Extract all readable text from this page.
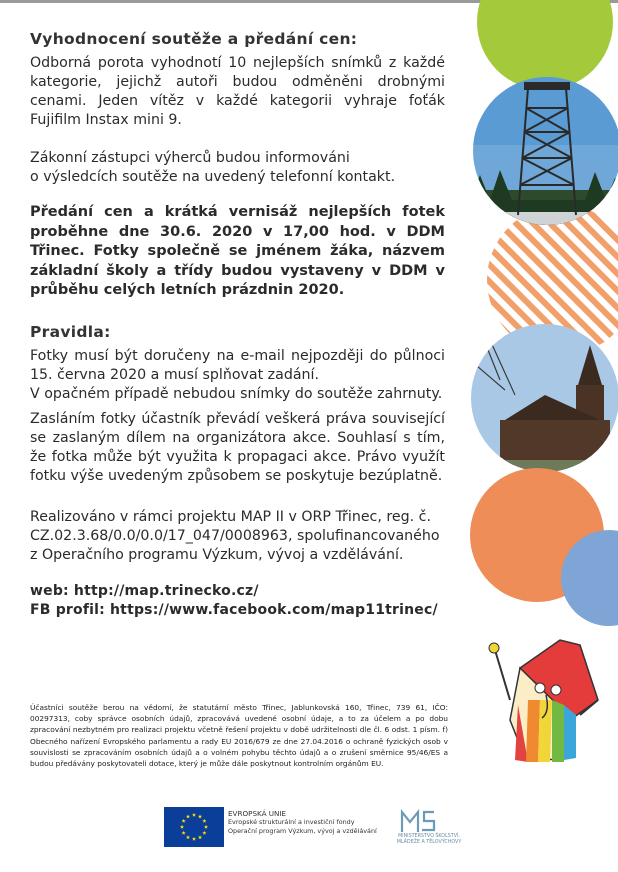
Vyhodnocení soutěže a předání cen:

Odborná porota vyhodnotí 10 nejlepších snímků z každé kategorie, jejichž autoři budou odměněni drobnými cenami. Jeden vítěz v každé kategorii vyhraje foťák Fujifilm Instax mini 9.

Zákonní zástupci výherců budou informováni

o výsledcích soutěže na uvedený telefonní kontakt.

Předání cen a krátká vernisáž nejlepších fotek proběhne dne 30.6. 2020 v 17,00 hod. v DDM Třinec. Fotky společně se jménem žáka, názvem základní školy a třídy budou vystaveny v DDM v průběhu celých letních prázdnin 2020.

Pravidla:

Fotky musí být doručeny na e-mail nejpozději do půlnoci 15. června 2020 a musí splňovat zadání.

V opačném případě nebudou snímky do soutěže zahrnuty.

Zasláním fotky účastník převádí veškerá práva související se zaslaným dílem na organizátora akce. Souhlasí s tím, že fotka může být využita k propagaci akce. Právo využít fotku výše uvedeným způsobem se poskytuje bezúplatně.

Realizováno v rámci projektu MAP II v ORP Třinec, reg. č.

CZ.02.3.68/0.0/0.0/17_047/0008963, spolufinancovaného

z Operačního programu Výzkum, vývoj a vzdělávání.

web: http://map.trinecko.cz/

FB profil: https://www.facebook.com/map11trinec/

Účastníci soutěže berou na vědomí, že statutární město Třinec, Jablunkovská 160, Třinec, 739 61, IČO: 00297313, coby správce osobních údajů, zpracovává uvedené osobní údaje, a to za účelem a po dobu zpracování nezbytném pro realizaci projektu včetně řešení projektu v době udržitelnosti dle čl. 6 odst. 1 písm. f) Obecného nařízení Evropského parlamentu a rady EU 2016/679 ze dne 27.04.2016 o ochraně fyzických osob v souvislosti se zpracováním osobních údajů a o volném pohybu těchto údajů a o zrušení směrnice 95/46/ES a budou předávány poskytovateli dotace, který je může dále poskytnout kontrolním orgánům EU.
EVROPSKÁ UNIE
Evropské strukturální a investiční fondy
Operační program Výzkum, vývoj a vzdělávání
MINISTERSTVO ŠKOLSTVÍ,
MLÁDEŽE A TĚLOVÝCHOVY
